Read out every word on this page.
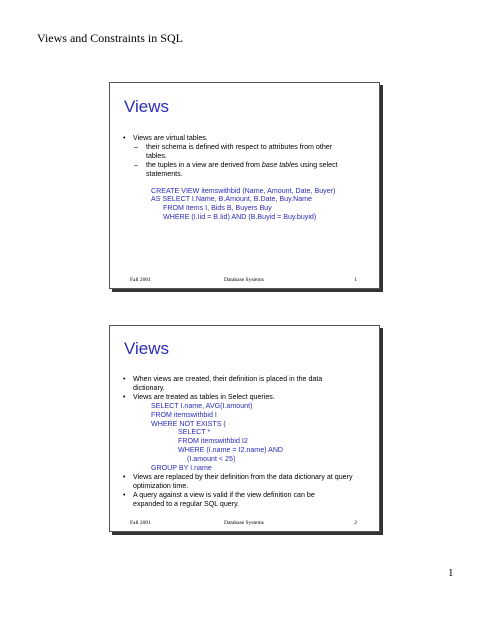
Views and Constraints in SQL
Views
• Views are virtual tables.
– their schema is defined with respect to attributes from other tables.
– the tuples in a view are derived from base tables using select statements.
CREATE VIEW itemswithbid (Name, Amount, Date, Buyer)
AS SELECT I.Name, B.Amount, B.Date, Buy.Name
FROM Items I, Bids B, Buyers Buy
WHERE (I.Iid = B.Iid) AND (B.Buyid = Buy.buyid)
Fall 2001	Database Systems	1
Views
• When views are created, their definition is placed in the data dictionary.
• Views are treated as tables in Select queries.
SELECT I.name, AVG(I.amount)
FROM itemswithbid I
WHERE NOT EXISTS (
SELECT *
FROM itemswithbid I2
WHERE (I.name = I2.name) AND
(I.amount < 25)
GROUP BY I.name
• Views are replaced by their definition from the data dictionary at query optimization time.
• A query against a view is valid if the view definition can be expanded to a regular SQL query.
Fall 2001	Database Systems	2
1
